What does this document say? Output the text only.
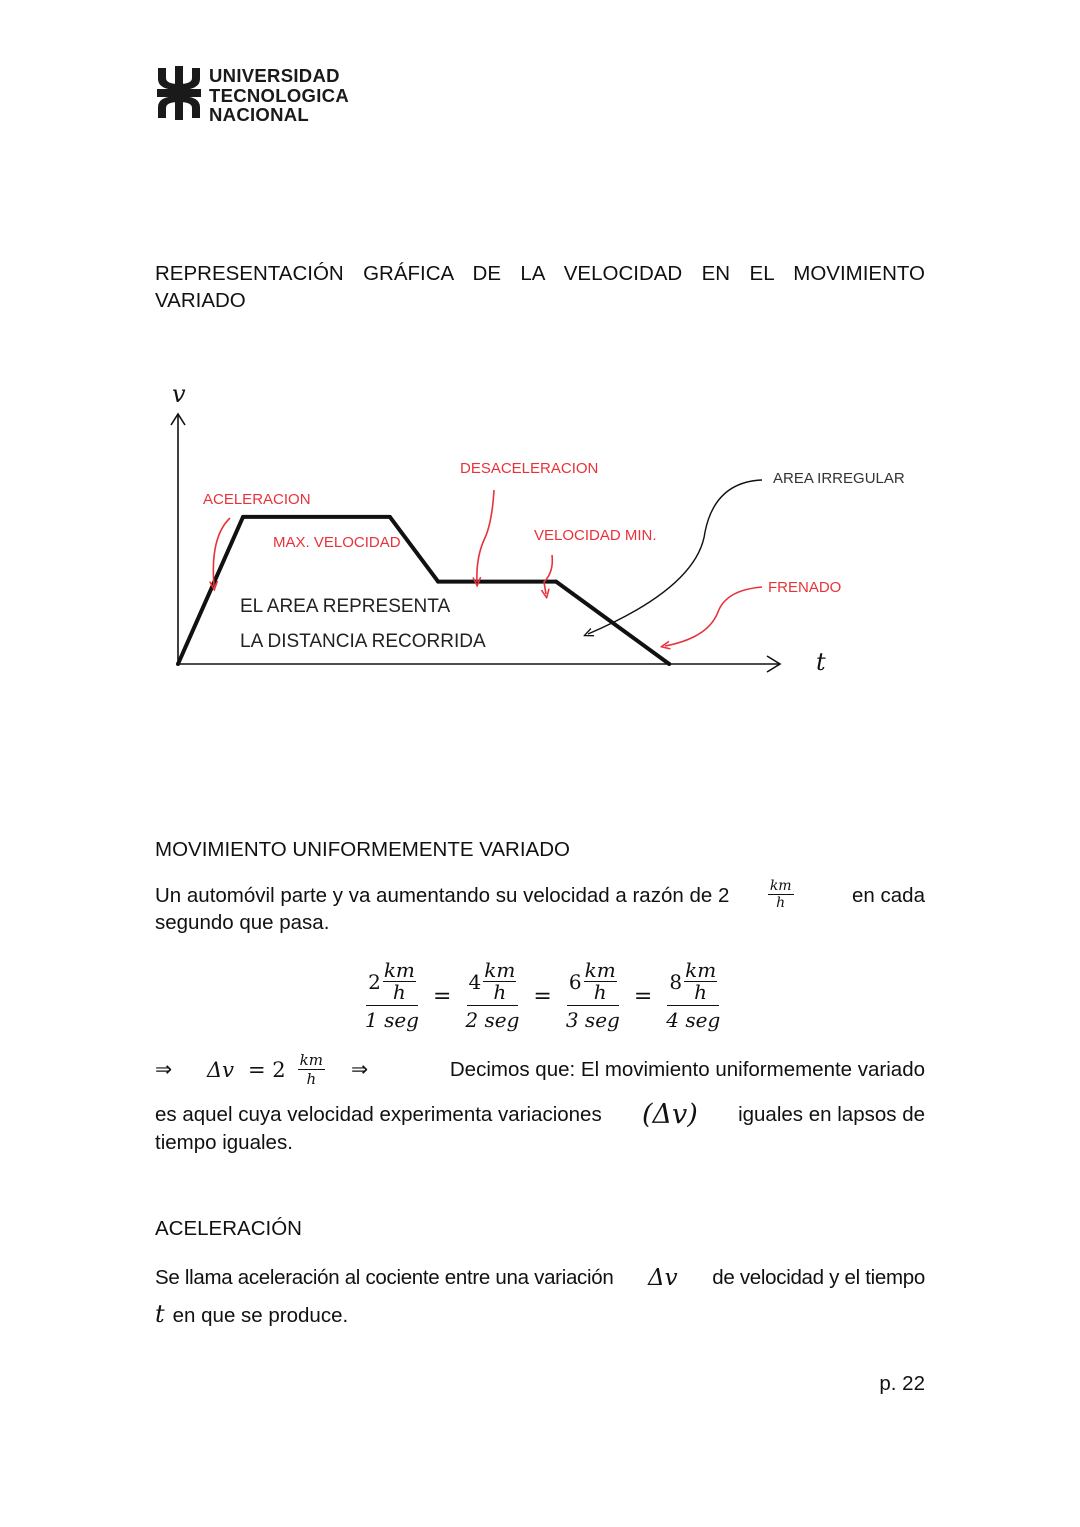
UNIVERSIDAD
TECNOLOGICA
NACIONAL
REPRESENTACIÓN GRÁFICA DE LA VELOCIDAD EN EL MOVIMIENTO
VARIADO
v
t
EL AREA REPRESENTA
LA DISTANCIA RECORRIDA
ACELERACION
MAX. VELOCIDAD
DESACELERACION
VELOCIDAD MIN.
AREA IRREGULAR
FRENADO
MOVIMIENTO UNIFORMEMENTE VARIADO
Un automóvil parte y va aumentando su velocidad a razón de 2	$\frac{km}{h}$	en cada
segundo que pasa.
$2 \frac{km}{h}$
1 seg
=
$4 \frac{km}{h}$
2 seg
=
$6 \frac{km}{h}$
3 seg
=
$8 \frac{km}{h}$
4 seg
⇒	$\Delta v = 2 \frac{km}{h}$ ⇒	Decimos que: El movimiento uniformemente variado
es aquel cuya velocidad experimenta variaciones (Δv) iguales en lapsos de
tiempo iguales.
ACELERACIÓN
Se llama aceleración al cociente entre una variación Δv de velocidad y el tiempo
t en que se produce.
p. 22
